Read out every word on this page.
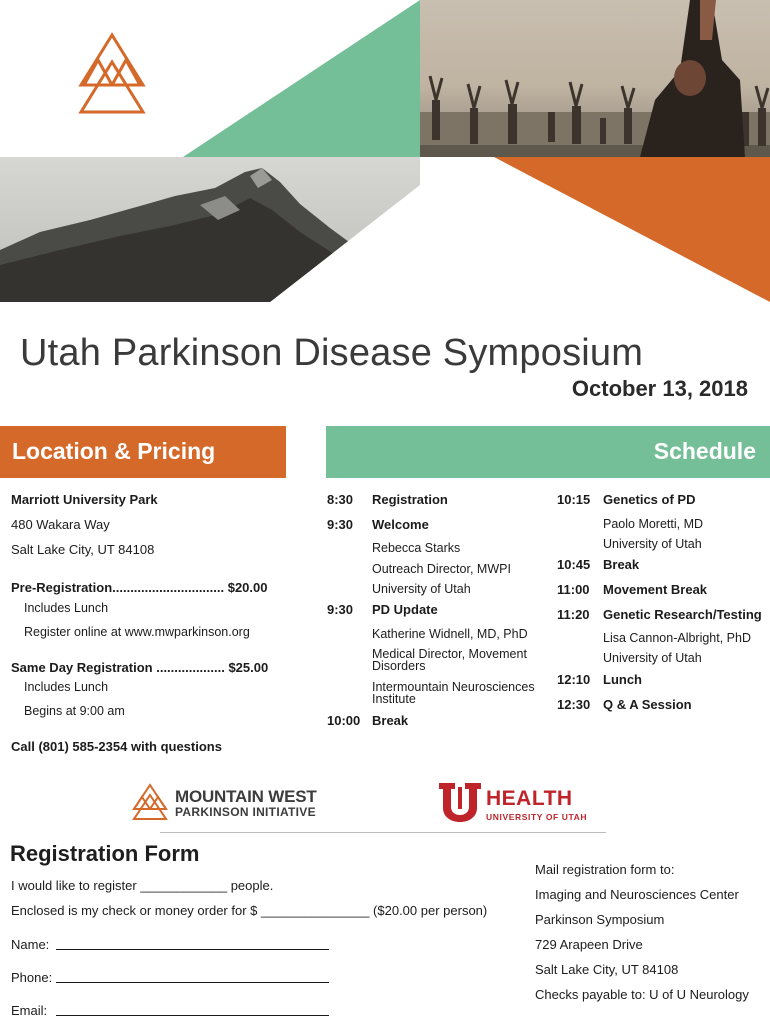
Utah Parkinson Disease Symposium
October 13, 2018
Location & Pricing	Schedule
Marriott University Park
480 Wakara Way
Salt Lake City, UT 84108
Pre-Registration............................... $20.00
Includes Lunch
Register online at www.mwparkinson.org
Same Day Registration ................... $25.00
Includes Lunch
Begins at 9:00 am
Call (801) 585-2354 with questions
8:30 Registration
9:30 Welcome
Rebecca Starks
Outreach Director, MWPI
University of Utah
9:30 PD Update
Katherine Widnell, MD, PhD
Medical Director, Movement
Disorders
Intermountain Neurosciences
Institute
10:00 Break
10:15 Genetics of PD
Paolo Moretti, MD
University of Utah
10:45 Break
11:00 Movement Break
11:20 Genetic Research/Testing
Lisa Cannon-Albright, PhD
University of Utah
12:10 Lunch
12:30 Q & A Session
MOUNTAIN WEST
PARKINSON INITIATIVE
HEALTH
UNIVERSITY OF UTAH
Registration Form
I would like to register ____________ people.
Enclosed is my check or money order for $ _______________ ($20.00 per person)
Name:
Phone:
Email:
Mail registration form to:
Imaging and Neurosciences Center
Parkinson Symposium
729 Arapeen Drive
Salt Lake City, UT 84108
Checks payable to: U of U Neurology
